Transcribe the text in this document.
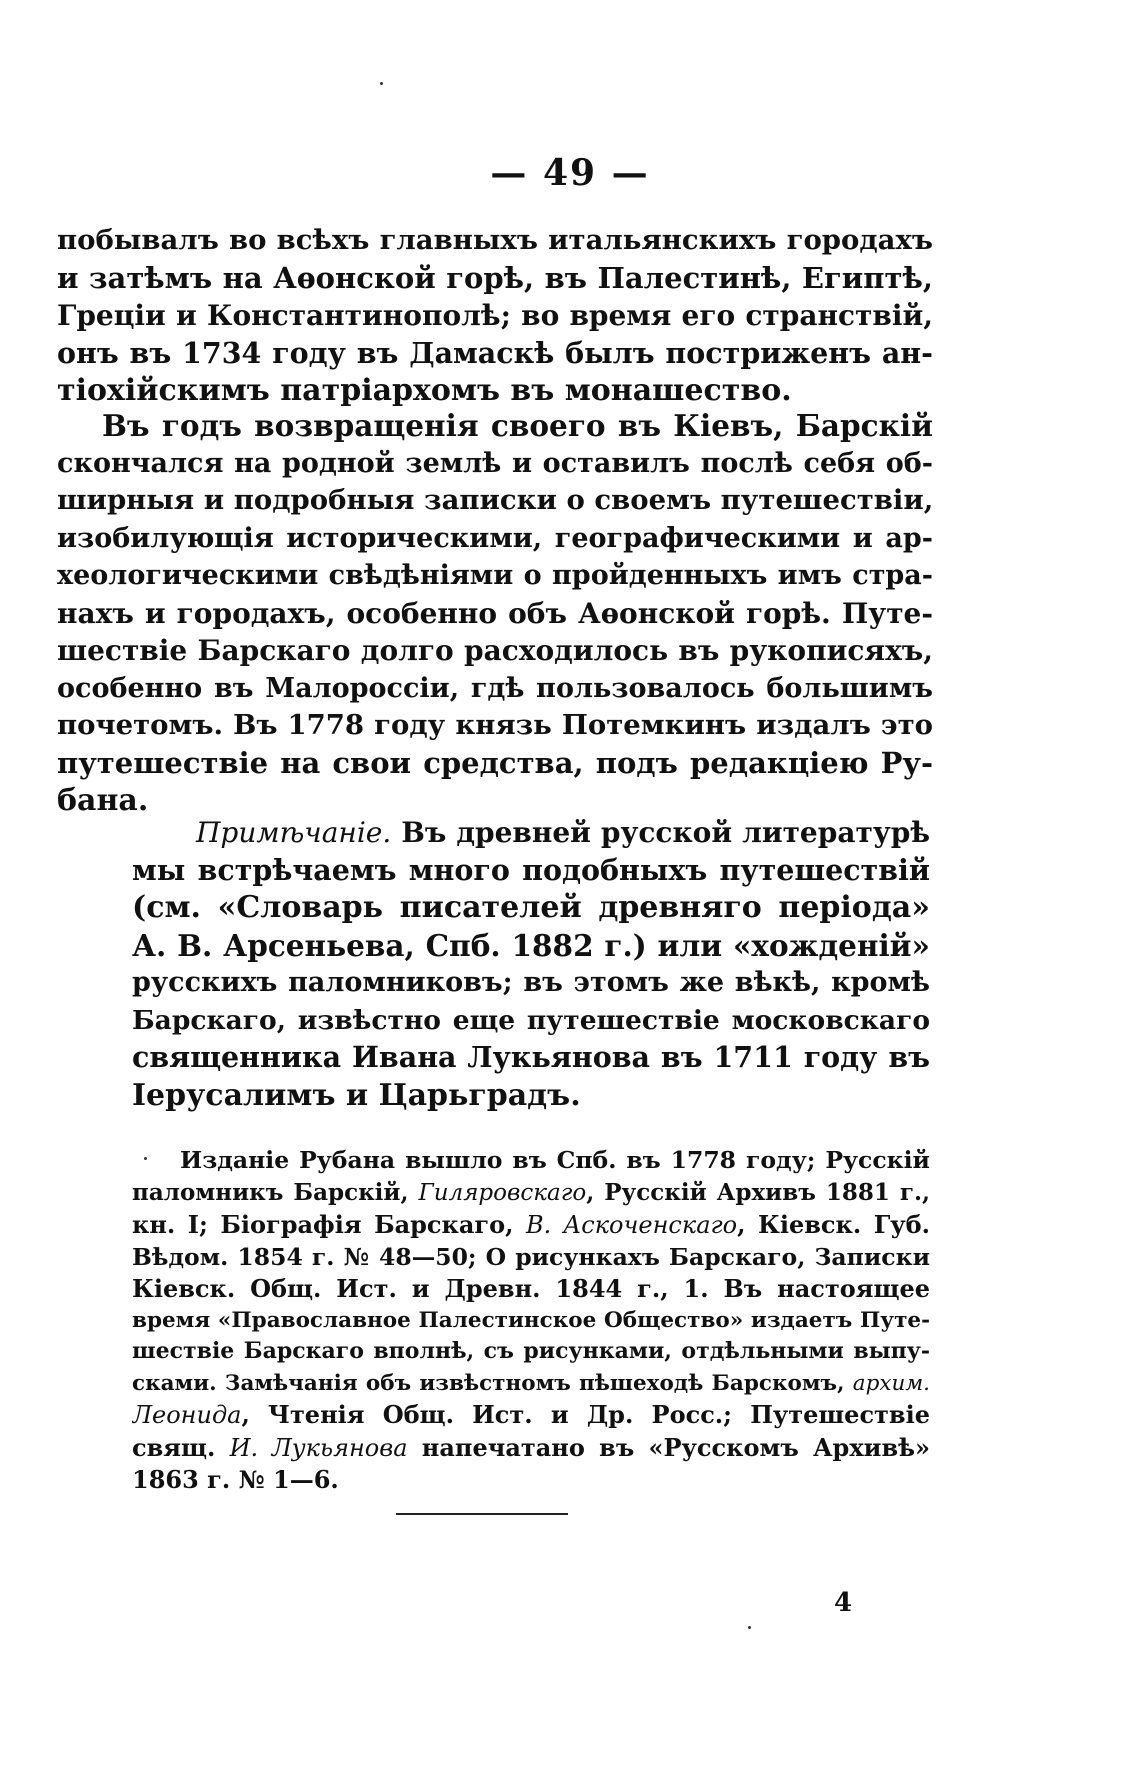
— 49 —
побывалъ во всѣхъ главныхъ итальянскихъ городахъ
и затѣмъ на Аѳонской горѣ, въ Палестинѣ, Египтѣ,
Греціи и Константинополѣ; во время его странствій,
онъ въ 1734 году въ Дамаскѣ былъ постриженъ ан-
тіохійскимъ патріархомъ въ монашество.
Въ годъ возвращенія своего въ Кіевъ, Барскій
скончался на родной землѣ и оставилъ послѣ себя об-
ширныя и подробныя записки о своемъ путешествіи,
изобилующія историческими, географическими и ар-
хеологическими свѣдѣніями о пройденныхъ имъ стра-
нахъ и городахъ, особенно объ Аѳонской горѣ. Путе-
шествіе Барскаго долго расходилось въ рукописяхъ,
особенно въ Малороссіи, гдѣ пользовалось большимъ
почетомъ. Въ 1778 году князь Потемкинъ издалъ это
путешествіе на свои средства, подъ редакціею Ру-
бана.
Примѣчаніе. Въ древней русской литературѣ
мы встрѣчаемъ много подобныхъ путешествій
(см. «Словарь писателей древняго періода»
А. В. Арсеньева, Спб. 1882 г.) или «хожденій»
русскихъ паломниковъ; въ этомъ же вѣкѣ, кромѣ
Барскаго, извѣстно еще путешествіе московскаго
священника Ивана Лукьянова въ 1711 году въ
Іерусалимъ и Царьградъ.
Изданіе Рубана вышло въ Спб. въ 1778 году; Русскій
паломникъ Барскій, Гиляровскаго, Русскій Архивъ 1881 г.,
кн. I; Біографія Барскаго, В. Аскоченскаго, Кіевск. Губ.
Вѣдом. 1854 г. № 48—50; О рисункахъ Барскаго, Записки
Кіевск. Общ. Ист. и Древн. 1844 г., 1. Въ настоящее
время «Православное Палестинское Общество» издаетъ Путе-
шествіе Барскаго вполнѣ, съ рисунками, отдѣльными выпу-
сками. Замѣчанія объ извѣстномъ пѣшеходѣ Барскомъ, архим.
Леонида, Чтенія Общ. Ист. и Др. Росс.; Путешествіе
свящ. И. Лукьянова напечатано въ «Русскомъ Архивѣ»
1863 г. № 1—6.
4
